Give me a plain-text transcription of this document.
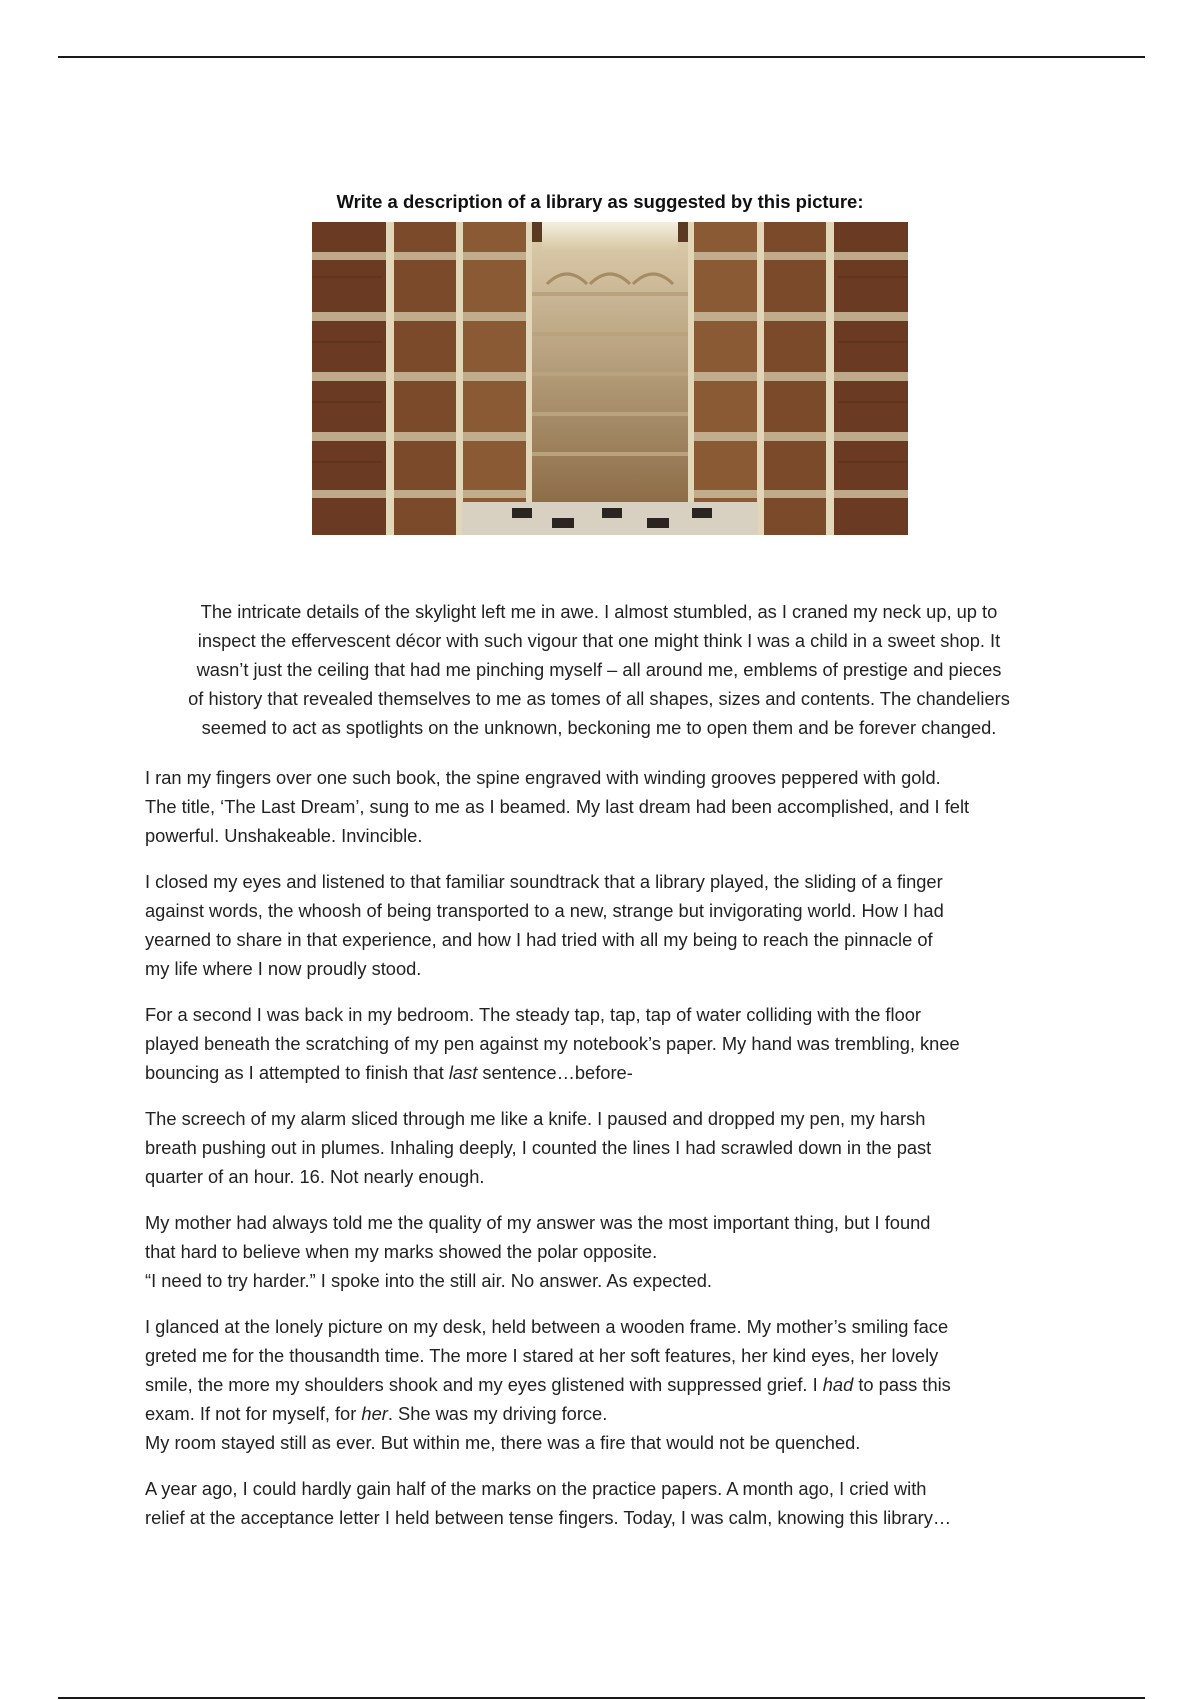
Write a description of a library as suggested by this picture:

The intricate details of the skylight left me in awe. I almost stumbled, as I craned my neck up, up to
inspect the effervescent décor with such vigour that one might think I was a child in a sweet shop. It
wasn’t just the ceiling that had me pinching myself – all around me, emblems of prestige and pieces
of history that revealed themselves to me as tomes of all shapes, sizes and contents. The chandeliers
seemed to act as spotlights on the unknown, beckoning me to open them and be forever changed.

I ran my fingers over one such book, the spine engraved with winding grooves peppered with gold.
The title, ‘The Last Dream’, sung to me as I beamed. My last dream had been accomplished, and I felt
powerful. Unshakeable. Invincible.

I closed my eyes and listened to that familiar soundtrack that a library played, the sliding of a finger
against words, the whoosh of being transported to a new, strange but invigorating world. How I had
yearned to share in that experience, and how I had tried with all my being to reach the pinnacle of
my life where I now proudly stood.

For a second I was back in my bedroom. The steady tap, tap, tap of water colliding with the floor
played beneath the scratching of my pen against my notebook’s paper. My hand was trembling, knee
bouncing as I attempted to finish that last sentence…before-

The screech of my alarm sliced through me like a knife. I paused and dropped my pen, my harsh
breath pushing out in plumes. Inhaling deeply, I counted the lines I had scrawled down in the past
quarter of an hour. 16. Not nearly enough.

My mother had always told me the quality of my answer was the most important thing, but I found
that hard to believe when my marks showed the polar opposite.
“I need to try harder.” I spoke into the still air. No answer. As expected.

I glanced at the lonely picture on my desk, held between a wooden frame. My mother’s smiling face
greted me for the thousandth time. The more I stared at her soft features, her kind eyes, her lovely
smile, the more my shoulders shook and my eyes glistened with suppressed grief. I had to pass this
exam. If not for myself, for her. She was my driving force.
My room stayed still as ever. But within me, there was a fire that would not be quenched.

A year ago, I could hardly gain half of the marks on the practice papers. A month ago, I cried with
relief at the acceptance letter I held between tense fingers. Today, I was calm, knowing this library…
